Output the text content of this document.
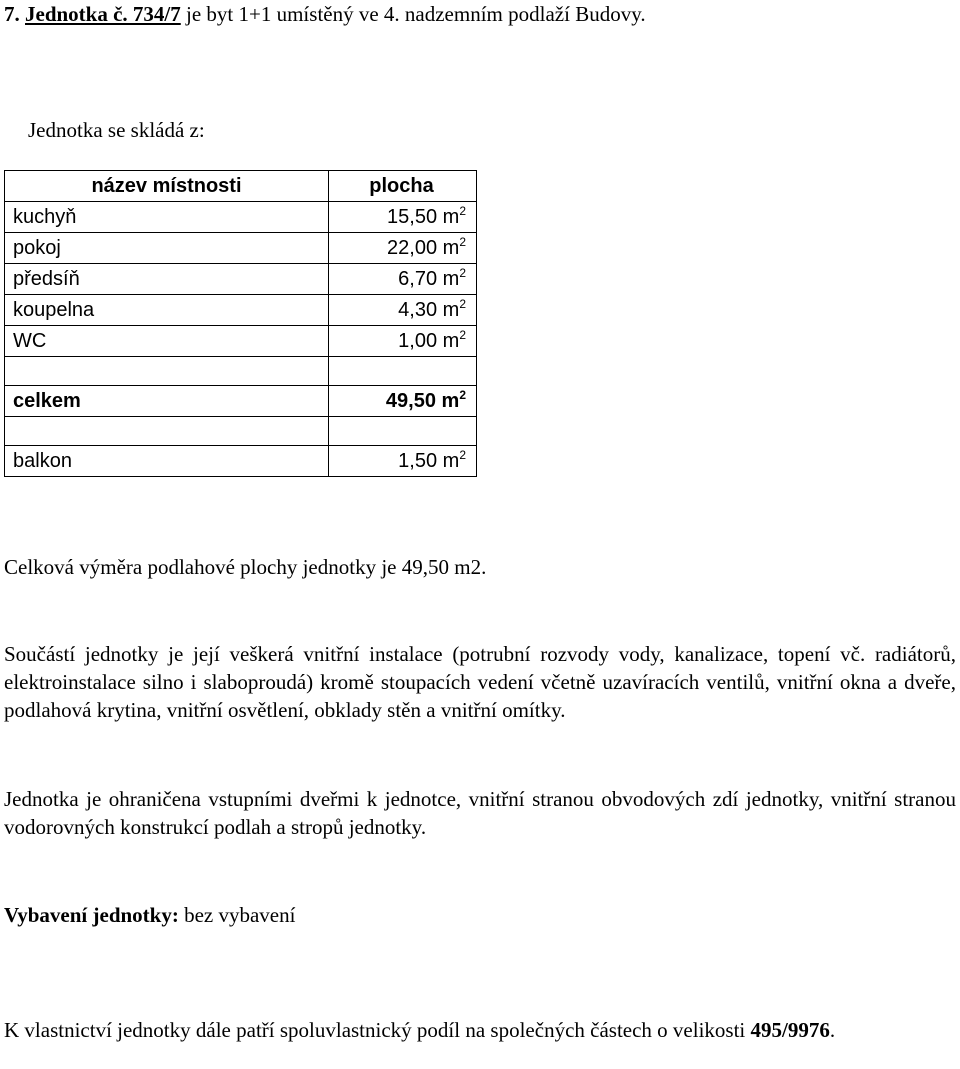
7. Jednotka č. 734/7 je byt 1+1 umístěný ve 4. nadzemním podlaží Budovy.
Jednotka se skládá z:
název místnosti	plocha
kuchyň	15,50 $m^2$
pokoj	22,00 $m^2$
předsíň	6,70 $m^2$
koupelna	4,30 $m^2$
WC	1,00 $m^2$

celkem	49,50 $m^2$

balkon	1,50 $m^2$
Celková výměra podlahové plochy jednotky je 49,50 m2.
Součástí jednotky je její veškerá vnitřní instalace (potrubní rozvody vody, kanalizace, topení vč. radiátorů, elektroinstalace silno i slaboproudá) kromě stoupacích vedení včetně uzavíracích ventilů, vnitřní okna a dveře, podlahová krytina, vnitřní osvětlení, obklady stěn a vnitřní omítky.
Jednotka je ohraničena vstupními dveřmi k jednotce, vnitřní stranou obvodových zdí jednotky, vnitřní stranou vodorovných konstrukcí podlah a stropů jednotky.
Vybavení jednotky: bez vybavení
K vlastnictví jednotky dále patří spoluvlastnický podíl na společných částech o velikosti 495/9976.
